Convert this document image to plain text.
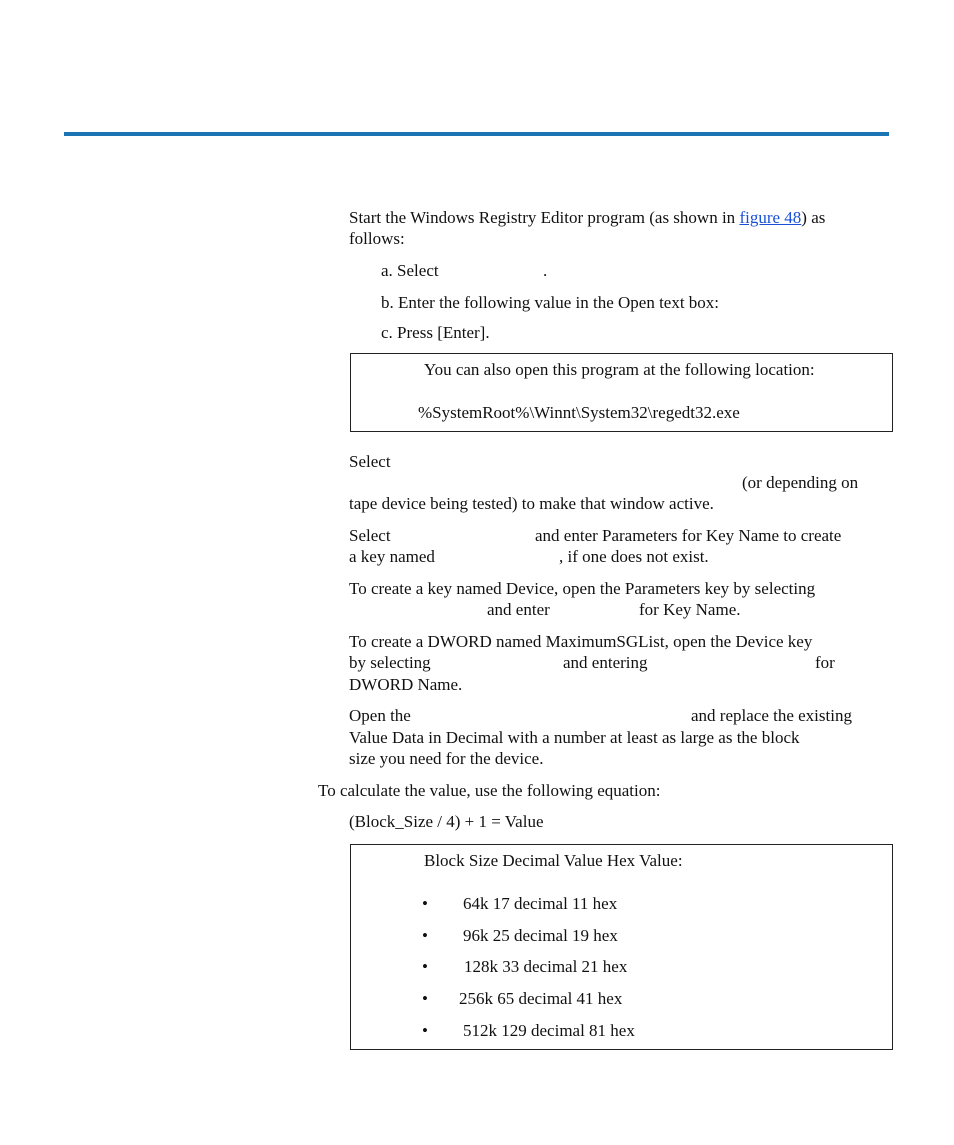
Start the Windows Registry Editor program (as shown in figure 48) as
follows:
a. Select	.
b. Enter the following value in the Open text box:
c. Press [Enter].
You can also open this program at the following location:
%SystemRoot%\Winnt\System32\regedt32.exe
Select
(or depending on
tape device being tested) to make that window active.
Select	and enter Parameters for Key Name to create
a key named	, if one does not exist.
To create a key named Device, open the Parameters key by selecting
and enter	for Key Name.
To create a DWORD named MaximumSGList, open the Device key
by selecting	and entering	for
DWORD Name.
Open the	and replace the existing
Value Data in Decimal with a number at least as large as the block
size you need for the device.
To calculate the value, use the following equation:
(Block_Size / 4) + 1 = Value
Block Size Decimal Value Hex Value:
• 64k 17 decimal 11 hex
• 96k 25 decimal 19 hex
• 128k 33 decimal 21 hex
• 256k 65 decimal 41 hex
• 512k 129 decimal 81 hex
